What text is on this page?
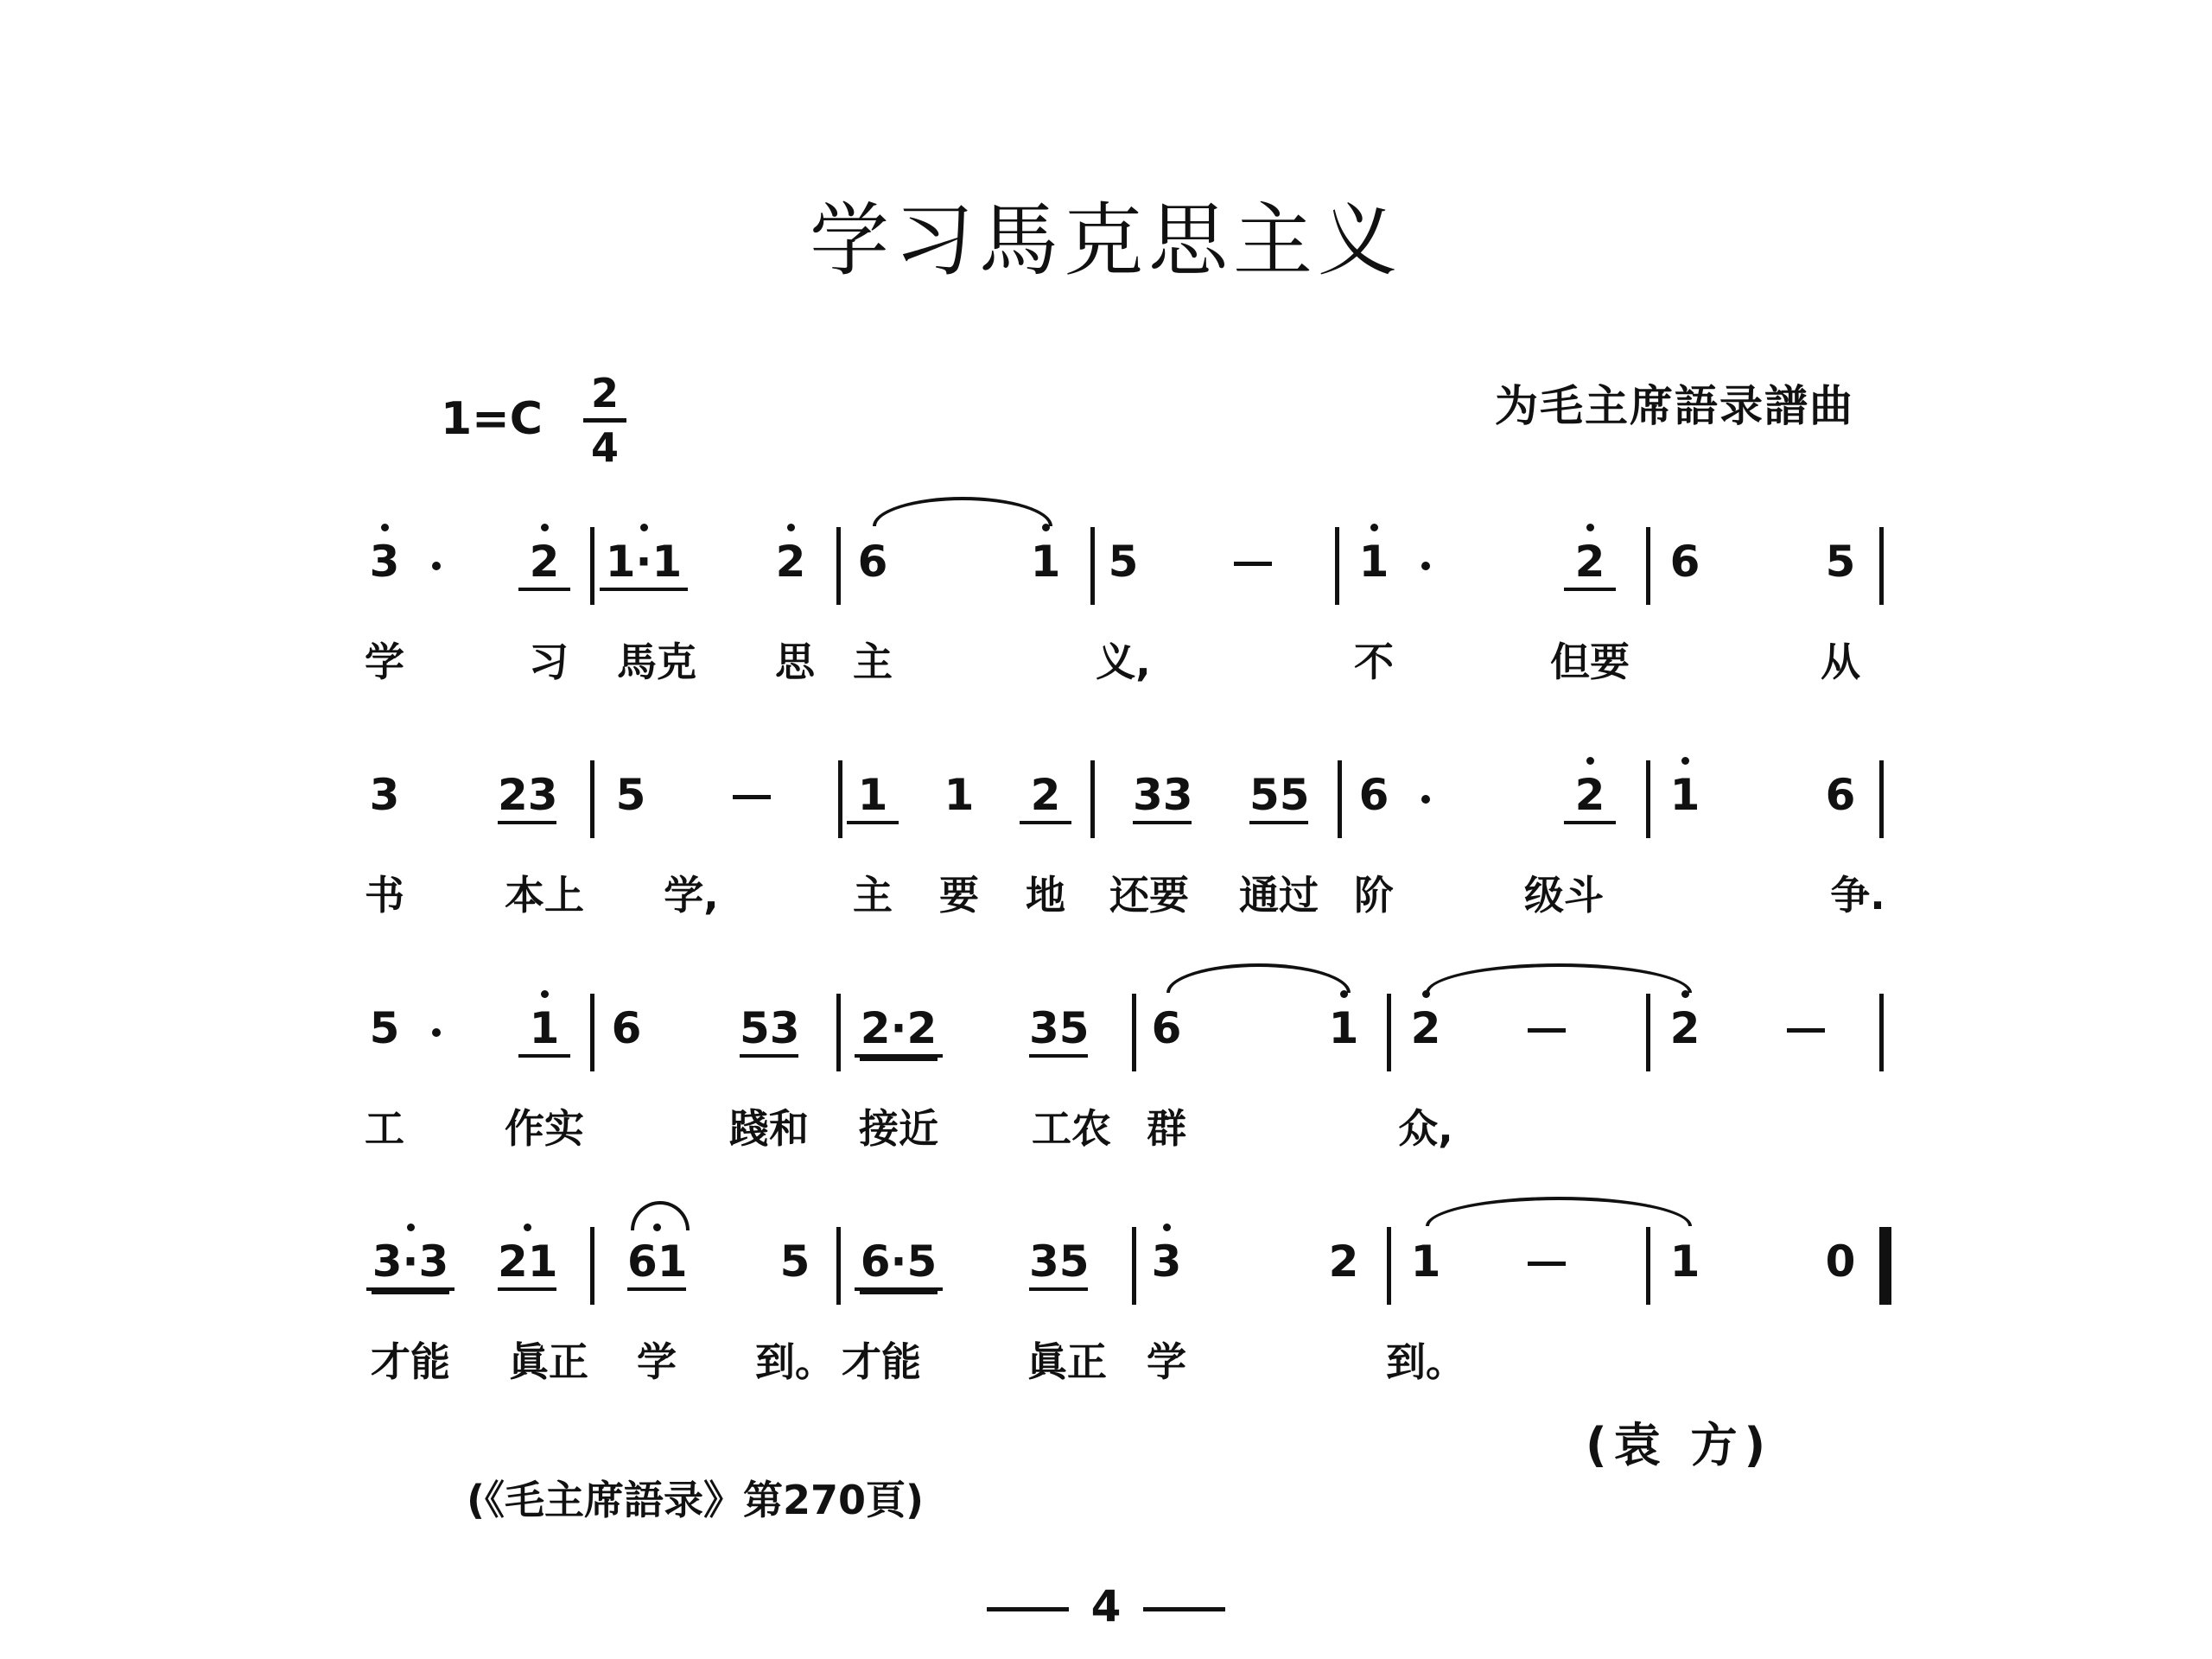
学习馬克思主义
$1=C \frac{2}{4}$	为毛主席語录譜曲
3	2 1·1 2 6	1 5	1	2 6	5
学	习 馬克 思 主	义,	不	但要	从
3 23 5	1 1 2 33 55 6	2 1	6
书	本上	学,	主 要 地 还要 通过 阶	级斗	争.
5	1 6 53 2·2 35 6	1 2	2
工	作实	踐和 接近 工农 群	众,
3·3 21 61 5 6·5 35 3	2 1	1	0
才能 眞正 学 到。 才能	眞正 学	到。
(袁 方)
(《毛主席語录》第270頁)
4
